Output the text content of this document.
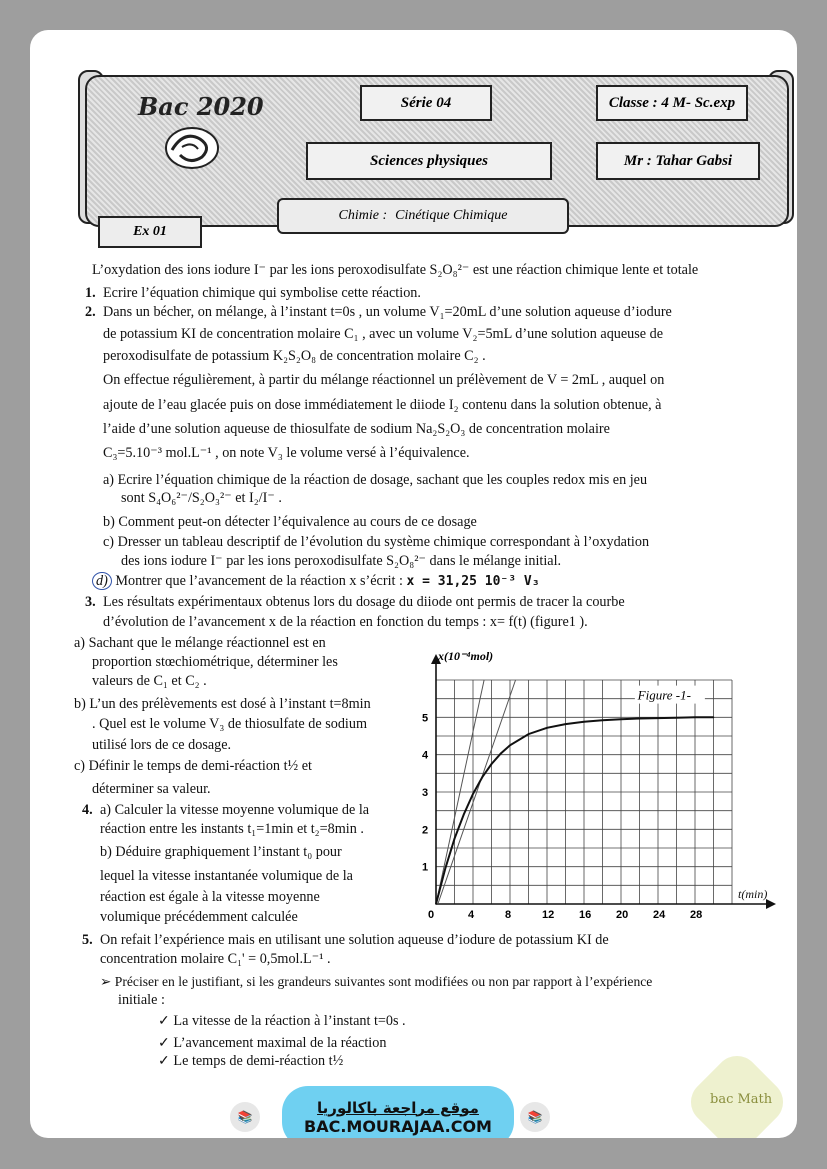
Bac 2020	Série 04	Classe : 4 M- Sc.exp
Sciences physiques	Mr : Tahar Gabsi
Chimie : Cinétique Chimique
Ex 01
L’oxydation des ions iodure I⁻ par les ions peroxodisulfate S₂O₈²⁻ est une réaction chimique lente et totale
1. Ecrire l’équation chimique qui symbolise cette réaction.
2. Dans un bécher, on mélange, à l’instant t=0s , un volume V₁=20mL d’une solution aqueuse d’iodure
de potassium KI de concentration molaire C₁ , avec un volume V₂=5mL d’une solution aqueuse de
peroxodisulfate de potassium K₂S₂O₈ de concentration molaire C₂ .
On effectue régulièrement, à partir du mélange réactionnel un prélèvement de V = 2mL , auquel on
ajoute de l’eau glacée puis on dose immédiatement le diiode I₂ contenu dans la solution obtenue, à
l’aide d’une solution aqueuse de thiosulfate de sodium Na₂S₂O₃ de concentration molaire
C₃=5.10⁻³ mol.L⁻¹ , on note V₃ le volume versé à l’équivalence.
a) Ecrire l’équation chimique de la réaction de dosage, sachant que les couples redox mis en jeu
sont S₄O₆²⁻/S₂O₃²⁻ et I₂/I⁻ .
b) Comment peut-on détecter l’équivalence au cours de ce dosage
c) Dresser un tableau descriptif de l’évolution du système chimique correspondant à l’oxydation
des ions iodure I⁻ par les ions peroxodisulfate S₂O₈²⁻ dans le mélange initial.
d) Montrer que l’avancement de la réaction x s’écrit : x = 31,25 10⁻³ V₃
3. Les résultats expérimentaux obtenus lors du dosage du diiode ont permis de tracer la courbe
d’évolution de l’avancement x de la réaction en fonction du temps : x= f(t) (figure1 ).
a) Sachant que le mélange réactionnel est en
proportion stœchiométrique, déterminer les
valeurs de C₁ et C₂ .
b) L’un des prélèvements est dosé à l’instant t=8min
. Quel est le volume V₃ de thiosulfate de sodium
utilisé lors de ce dosage.
c) Définir le temps de demi-réaction t½ et
déterminer sa valeur.
4. a) Calculer la vitesse moyenne volumique de la
réaction entre les instants t₁=1min et t₂=8min .
b) Déduire graphiquement l’instant t₀ pour
lequel la vitesse instantanée volumique de la
réaction est égale à la vitesse moyenne
volumique précédemment calculée
5. On refait l’expérience mais en utilisant une solution aqueuse d’iodure de potassium KI de
concentration molaire C₁' = 0,5mol.L⁻¹ .
➢ Préciser en le justifiant, si les grandeurs suivantes sont modifiées ou non par rapport à l’expérience
initiale :
✓ La vitesse de la réaction à l’instant t=0s .
✓ L’avancement maximal de la réaction
✓ Le temps de demi-réaction t½
0	4	8	12 16 20 24 28
1
2
3
4
5
x(10⁻⁴mol)
t(min)
Figure -1-
📚	📚
موقع مراجعة باكالوريا
BAC.MOURAJAA.COM
bac Math
